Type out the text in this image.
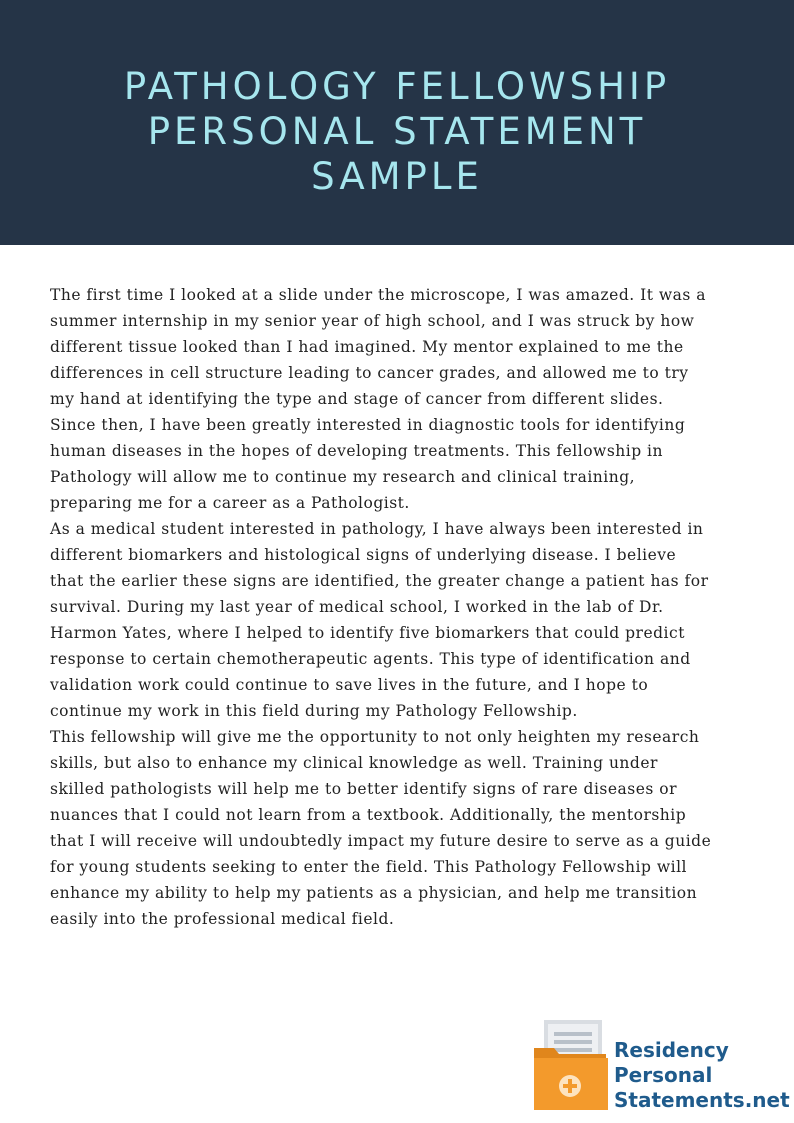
PATHOLOGY FELLOWSHIP
PERSONAL STATEMENT
SAMPLE
The first time I looked at a slide under the microscope, I was amazed. It was a
summer internship in my senior year of high school, and I was struck by how
different tissue looked than I had imagined. My mentor explained to me the
differences in cell structure leading to cancer grades, and allowed me to try
my hand at identifying the type and stage of cancer from different slides.
Since then, I have been greatly interested in diagnostic tools for identifying
human diseases in the hopes of developing treatments. This fellowship in
Pathology will allow me to continue my research and clinical training,
preparing me for a career as a Pathologist.
As a medical student interested in pathology, I have always been interested in
different biomarkers and histological signs of underlying disease. I believe
that the earlier these signs are identified, the greater change a patient has for
survival. During my last year of medical school, I worked in the lab of Dr.
Harmon Yates, where I helped to identify five biomarkers that could predict
response to certain chemotherapeutic agents. This type of identification and
validation work could continue to save lives in the future, and I hope to
continue my work in this field during my Pathology Fellowship.
This fellowship will give me the opportunity to not only heighten my research
skills, but also to enhance my clinical knowledge as well. Training under
skilled pathologists will help me to better identify signs of rare diseases or
nuances that I could not learn from a textbook. Additionally, the mentorship
that I will receive will undoubtedly impact my future desire to serve as a guide
for young students seeking to enter the field. This Pathology Fellowship will
enhance my ability to help my patients as a physician, and help me transition
easily into the professional medical field.
Residency
Personal
Statements.net
